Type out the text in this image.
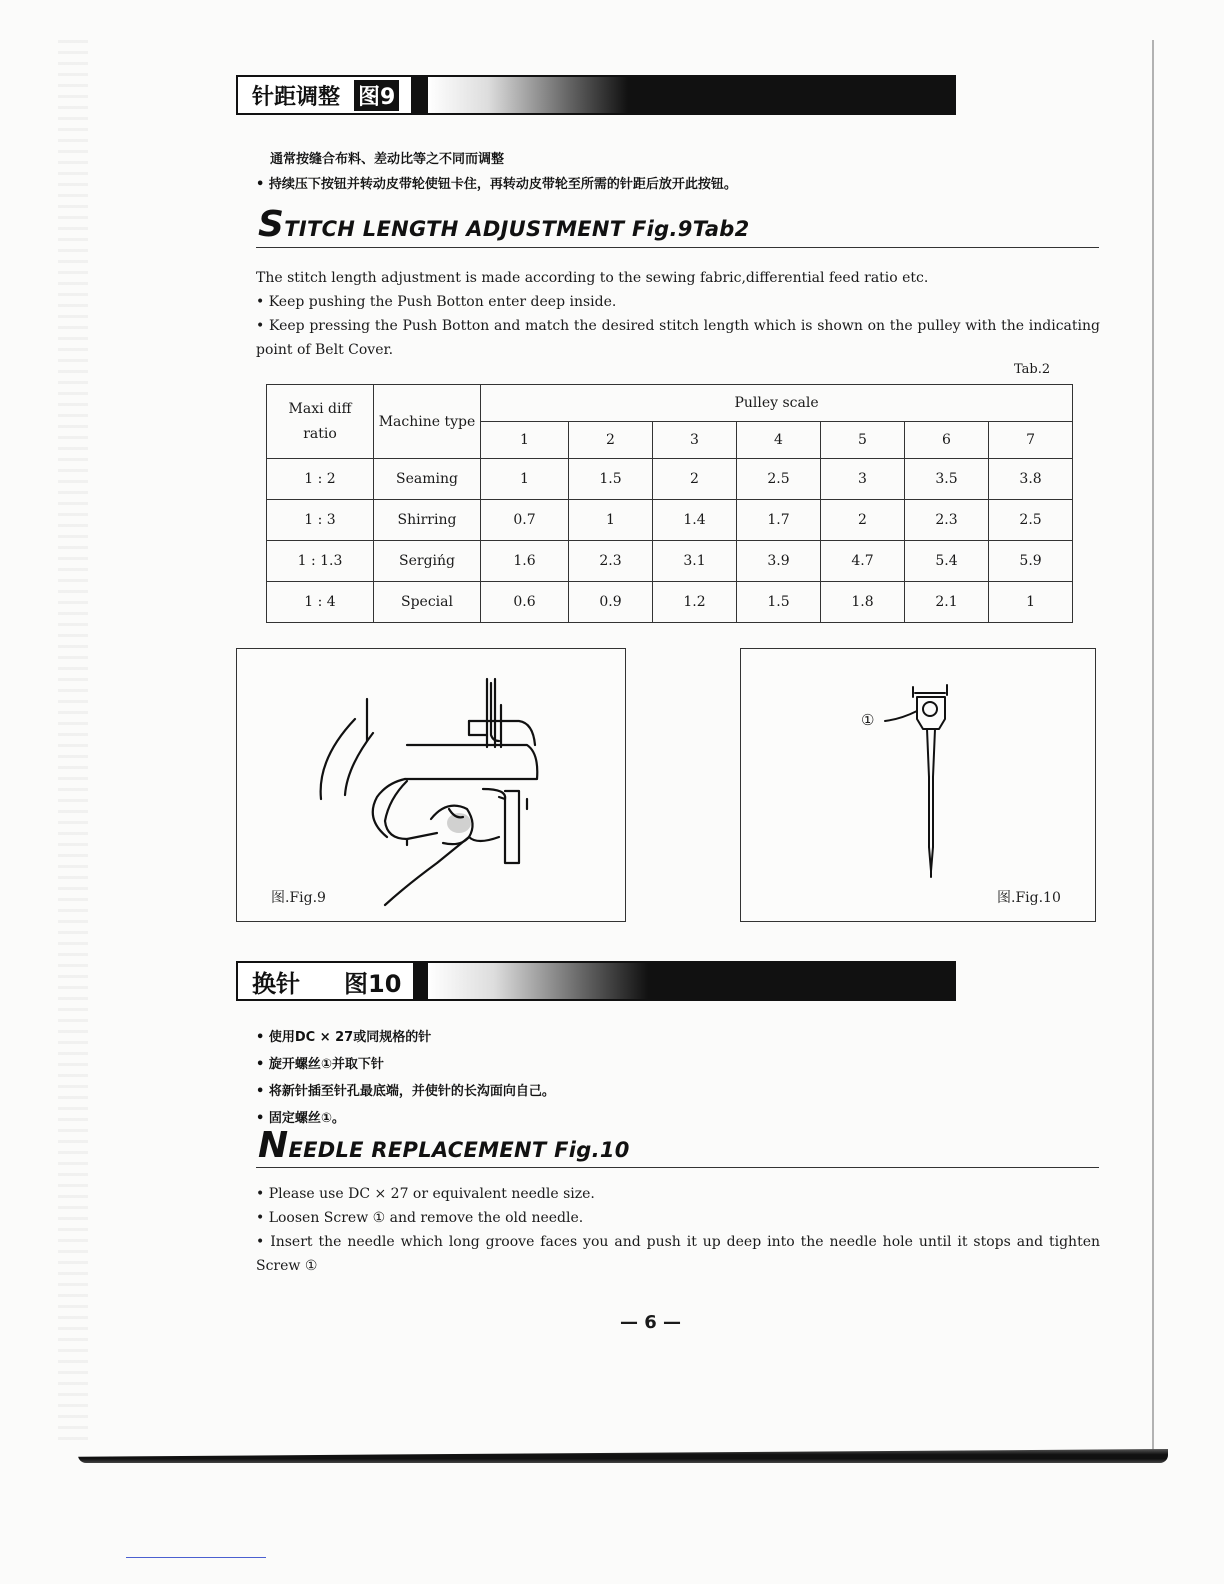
针距调整 图9
通常按缝合布料、差动比等之不同而调整
• 持续压下按钮并转动皮带轮使钮卡住，再转动皮带轮至所需的针距后放开此按钮。
STITCH LENGTH ADJUSTMENT Fig.9Tab2
The stitch length adjustment is made according to the sewing fabric,differential feed ratio etc.
• Keep pushing the Push Botton enter deep inside.
• Keep pressing the Push Botton and match the desired stitch length which is shown on the pulley with the indicating point of Belt Cover.
Tab.2
Maxi diff ratio	Machine type	Pulley scale						
		1	2	3	4	5	6	7
1 : 2	Seaming	1	1.5	2	2.5	3	3.5	3.8
1 : 3	Shirring	0.7	1	1.4	1.7	2	2.3	2.5
1 : 1.3	Sergińg	1.6	2.3	3.1	3.9	4.7	5.4	5.9
1 : 4	Special	0.6	0.9	1.2	1.5	1.8	2.1	1
图.Fig.9
①
图.Fig.10
换针 图10
• 使用DC × 27或同规格的针
• 旋开螺丝①并取下针
• 将新针插至针孔最底端，并使针的长沟面向自己。
• 固定螺丝①。
NEEDLE REPLACEMENT Fig.10
• Please use DC × 27 or equivalent needle size.
• Loosen Screw ① and remove the old needle.
• Insert the needle which long groove faces you and push it up deep into the needle hole until it stops and tighten Screw ①
— 6 —
